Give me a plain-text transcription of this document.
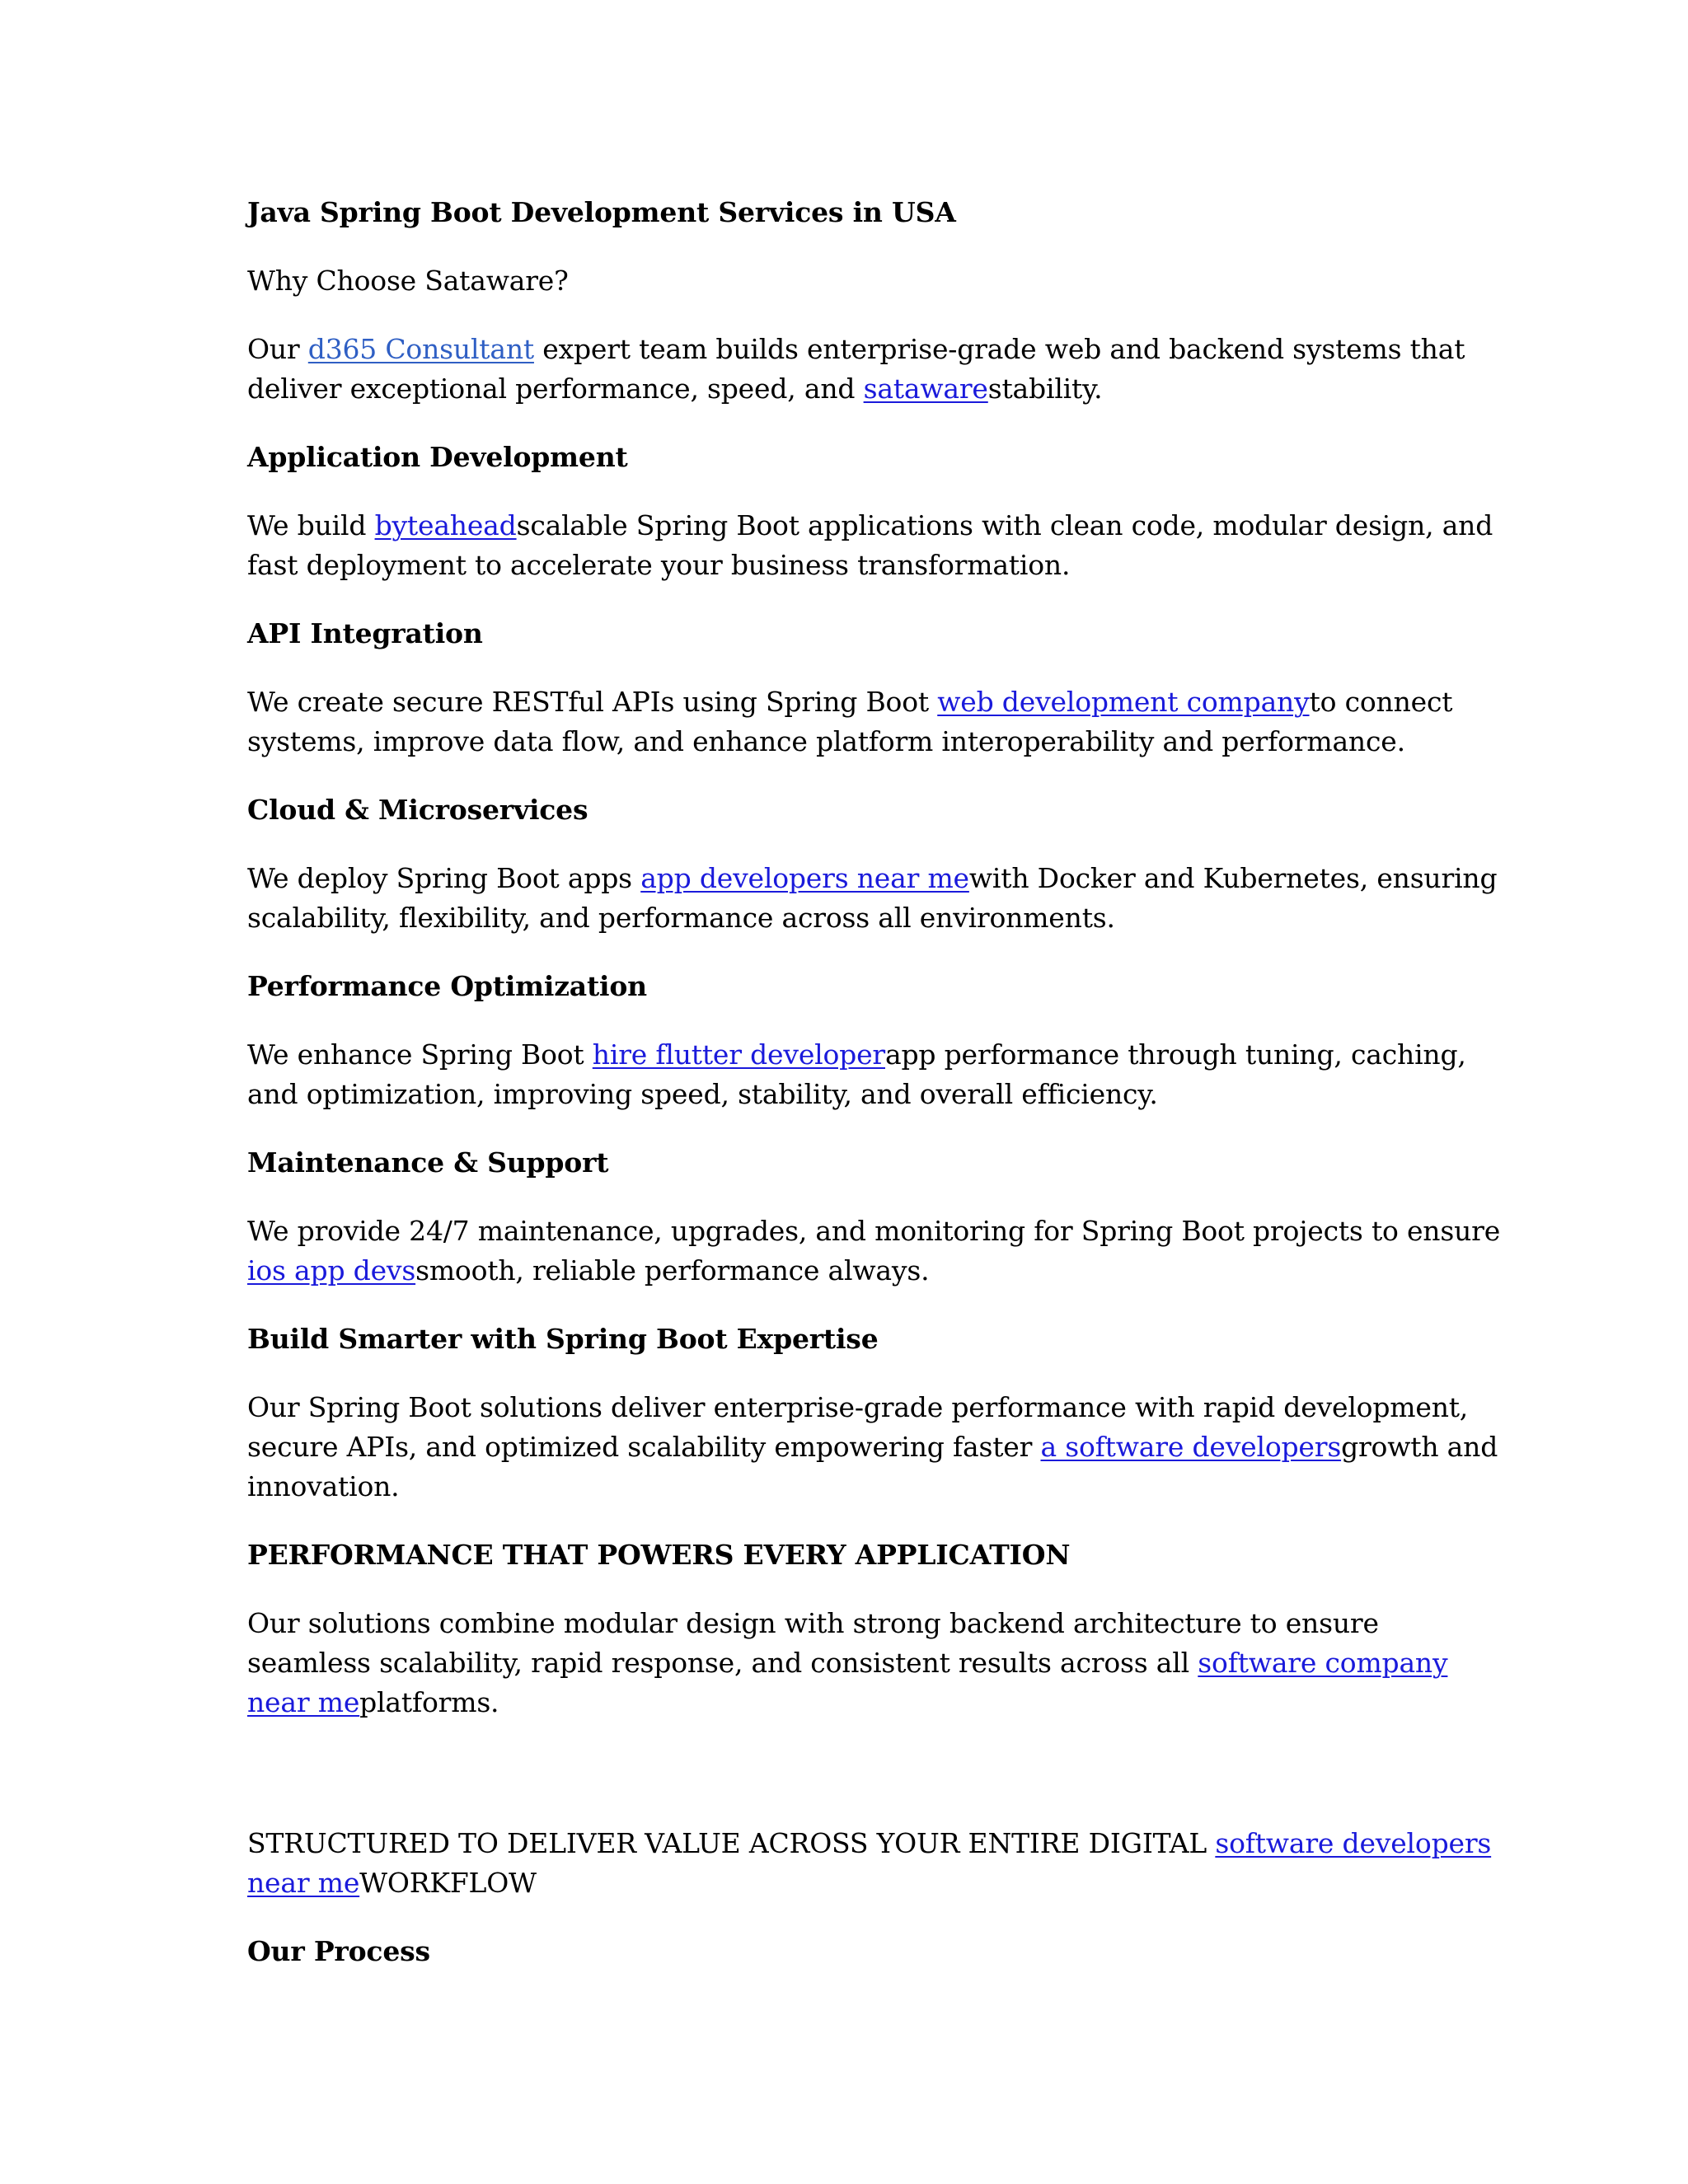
Java Spring Boot Development Services in USA
Why Choose Sataware?
Our d365 Consultant expert team builds enterprise-grade web and backend systems that
deliver exceptional performance, speed, and satawarestability.
Application Development
We build byteaheadscalable Spring Boot applications with clean code, modular design, and
fast deployment to accelerate your business transformation.
API Integration
We create secure RESTful APIs using Spring Boot web development companyto connect
systems, improve data flow, and enhance platform interoperability and performance.
Cloud & Microservices
We deploy Spring Boot apps app developers near mewith Docker and Kubernetes, ensuring
scalability, flexibility, and performance across all environments.
Performance Optimization
We enhance Spring Boot hire flutter developerapp performance through tuning, caching,
and optimization, improving speed, stability, and overall efficiency.
Maintenance & Support
We provide 24/7 maintenance, upgrades, and monitoring for Spring Boot projects to ensure
ios app devssmooth, reliable performance always.
Build Smarter with Spring Boot Expertise
Our Spring Boot solutions deliver enterprise-grade performance with rapid development,
secure APIs, and optimized scalability empowering faster a software developersgrowth and
innovation.
PERFORMANCE THAT POWERS EVERY APPLICATION
Our solutions combine modular design with strong backend architecture to ensure
seamless scalability, rapid response, and consistent results across all software company
near meplatforms.
STRUCTURED TO DELIVER VALUE ACROSS YOUR ENTIRE DIGITAL software developers
near meWORKFLOW
Our Process
